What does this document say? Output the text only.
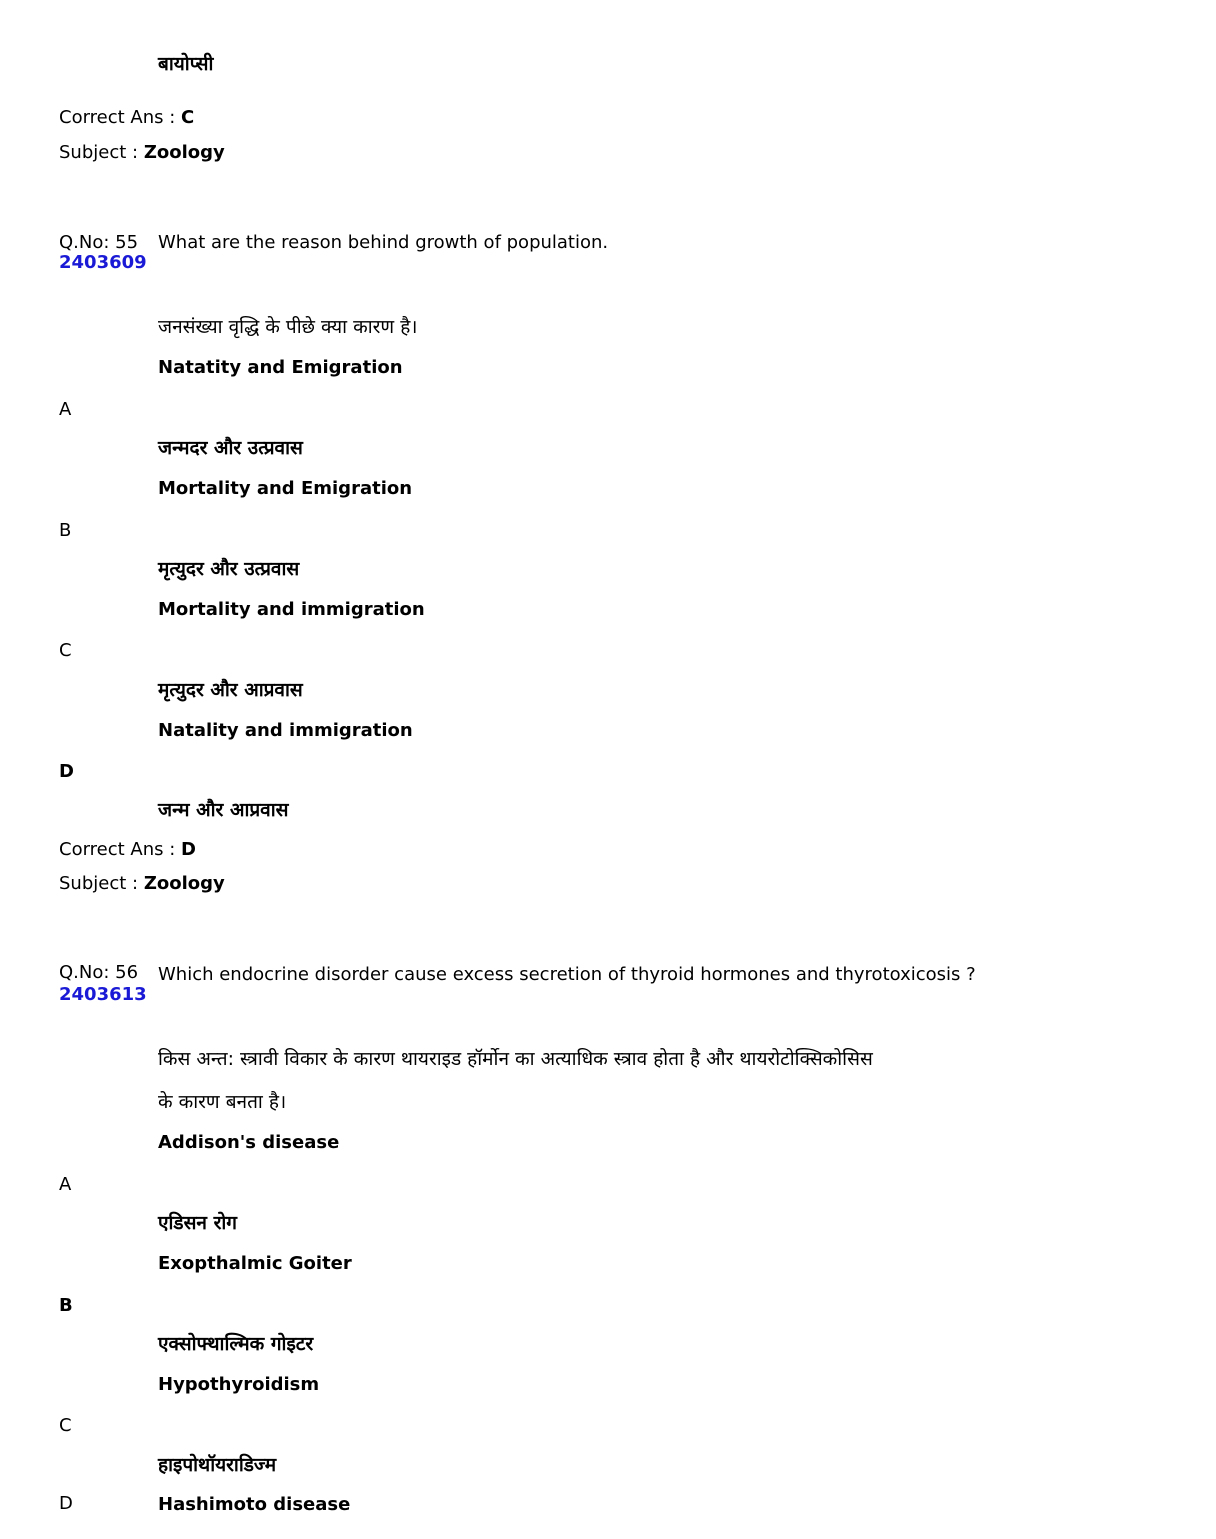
बायोप्सी
Correct Ans : C
Subject : Zoology
Q.No: 55
2403609
What are the reason behind growth of population.
जनसंख्या वृद्धि के पीछे क्या कारण है।
Natatity and Emigration
A
जन्मदर और उत्प्रवास
Mortality and Emigration
B
मृत्युदर और उत्प्रवास
Mortality and immigration
C
मृत्युदर और आप्रवास
Natality and immigration
D
जन्म और आप्रवास
Correct Ans : D
Subject : Zoology
Q.No: 56
2403613
Which endocrine disorder cause excess secretion of thyroid hormones and thyrotoxicosis ?
किस अन्त: स्त्रावी विकार के कारण थायराइड हॉर्मोन का अत्याधिक स्त्राव होता है और थायरोटोक्सिकोसिस
के कारण बनता है।
Addison's disease
A
एडिसन रोग
Exopthalmic Goiter
B
एक्सोफ्थाल्मिक गोइटर
Hypothyroidism
C
हाइपोथॉयराडिज्म
D	Hashimoto disease
